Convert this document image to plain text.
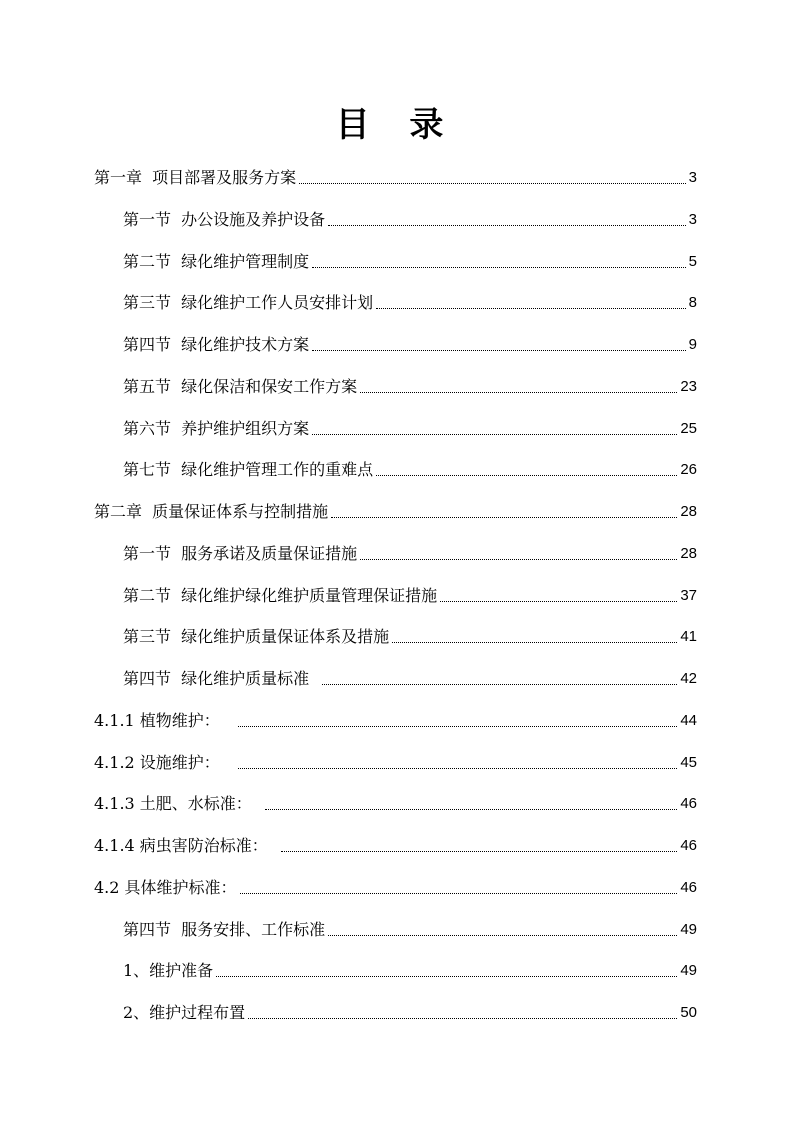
目 录
第一章  项目部署及服务方案	3
第一节  办公设施及养护设备	3
第二节  绿化维护管理制度	5
第三节  绿化维护工作人员安排计划	8
第四节  绿化维护技术方案	9
第五节  绿化保洁和保安工作方案	23
第六节  养护维护组织方案	25
第七节  绿化维护管理工作的重难点	26
第二章  质量保证体系与控制措施	28
第一节  服务承诺及质量保证措施	28
第二节  绿化维护绿化维护质量管理保证措施	37
第三节  绿化维护质量保证体系及措施	41
第四节  绿化维护质量标准	42
4.1.1 植物维护：	44
4.1.2 设施维护：	45
4.1.3 土肥、水标准：	46
4.1.4 病虫害防治标准：	46
4.2 具体维护标准：	46
第四节  服务安排、工作标准	49
1、维护准备	49
2、维护过程布置	50
